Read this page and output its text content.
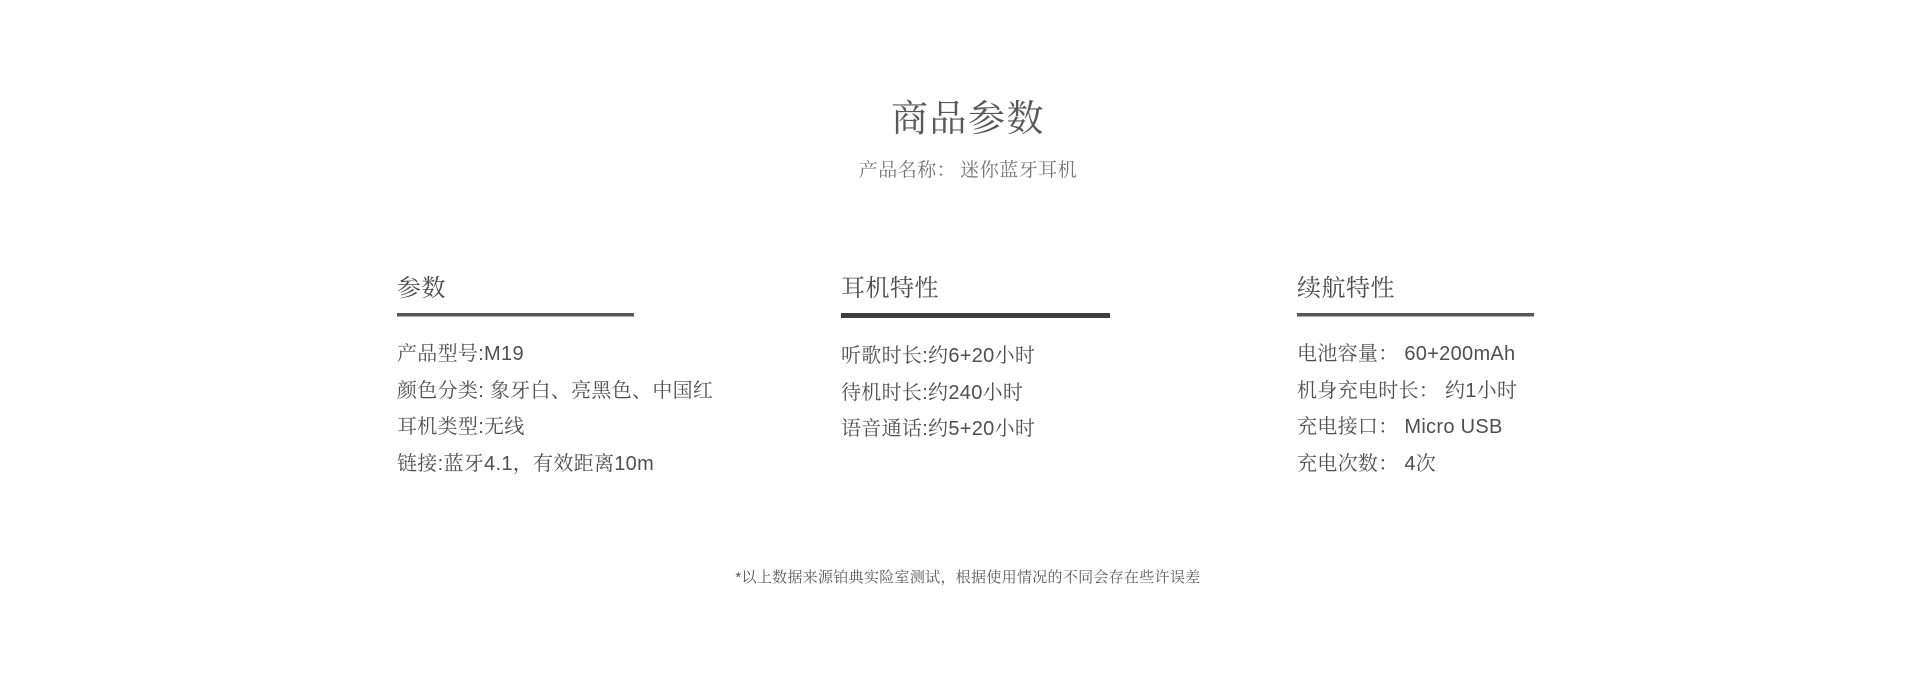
商品参数

产品名称： 迷你蓝牙耳机

参数
产品型号:M19
颜色分类: 象牙白、亮黑色、中国红
耳机类型:无线
链接:蓝牙4.1，有效距离10m
耳机特性
听歌时长:约6+20小时
待机时长:约240小时
语音通话:约5+20小时
续航特性
电池容量： 60+200mAh
机身充电时长： 约1小时
充电接口： Micro USB
充电次数： 4次
*以上数据来源铂典实险室测试，根据使用情况的不同会存在些许误差
